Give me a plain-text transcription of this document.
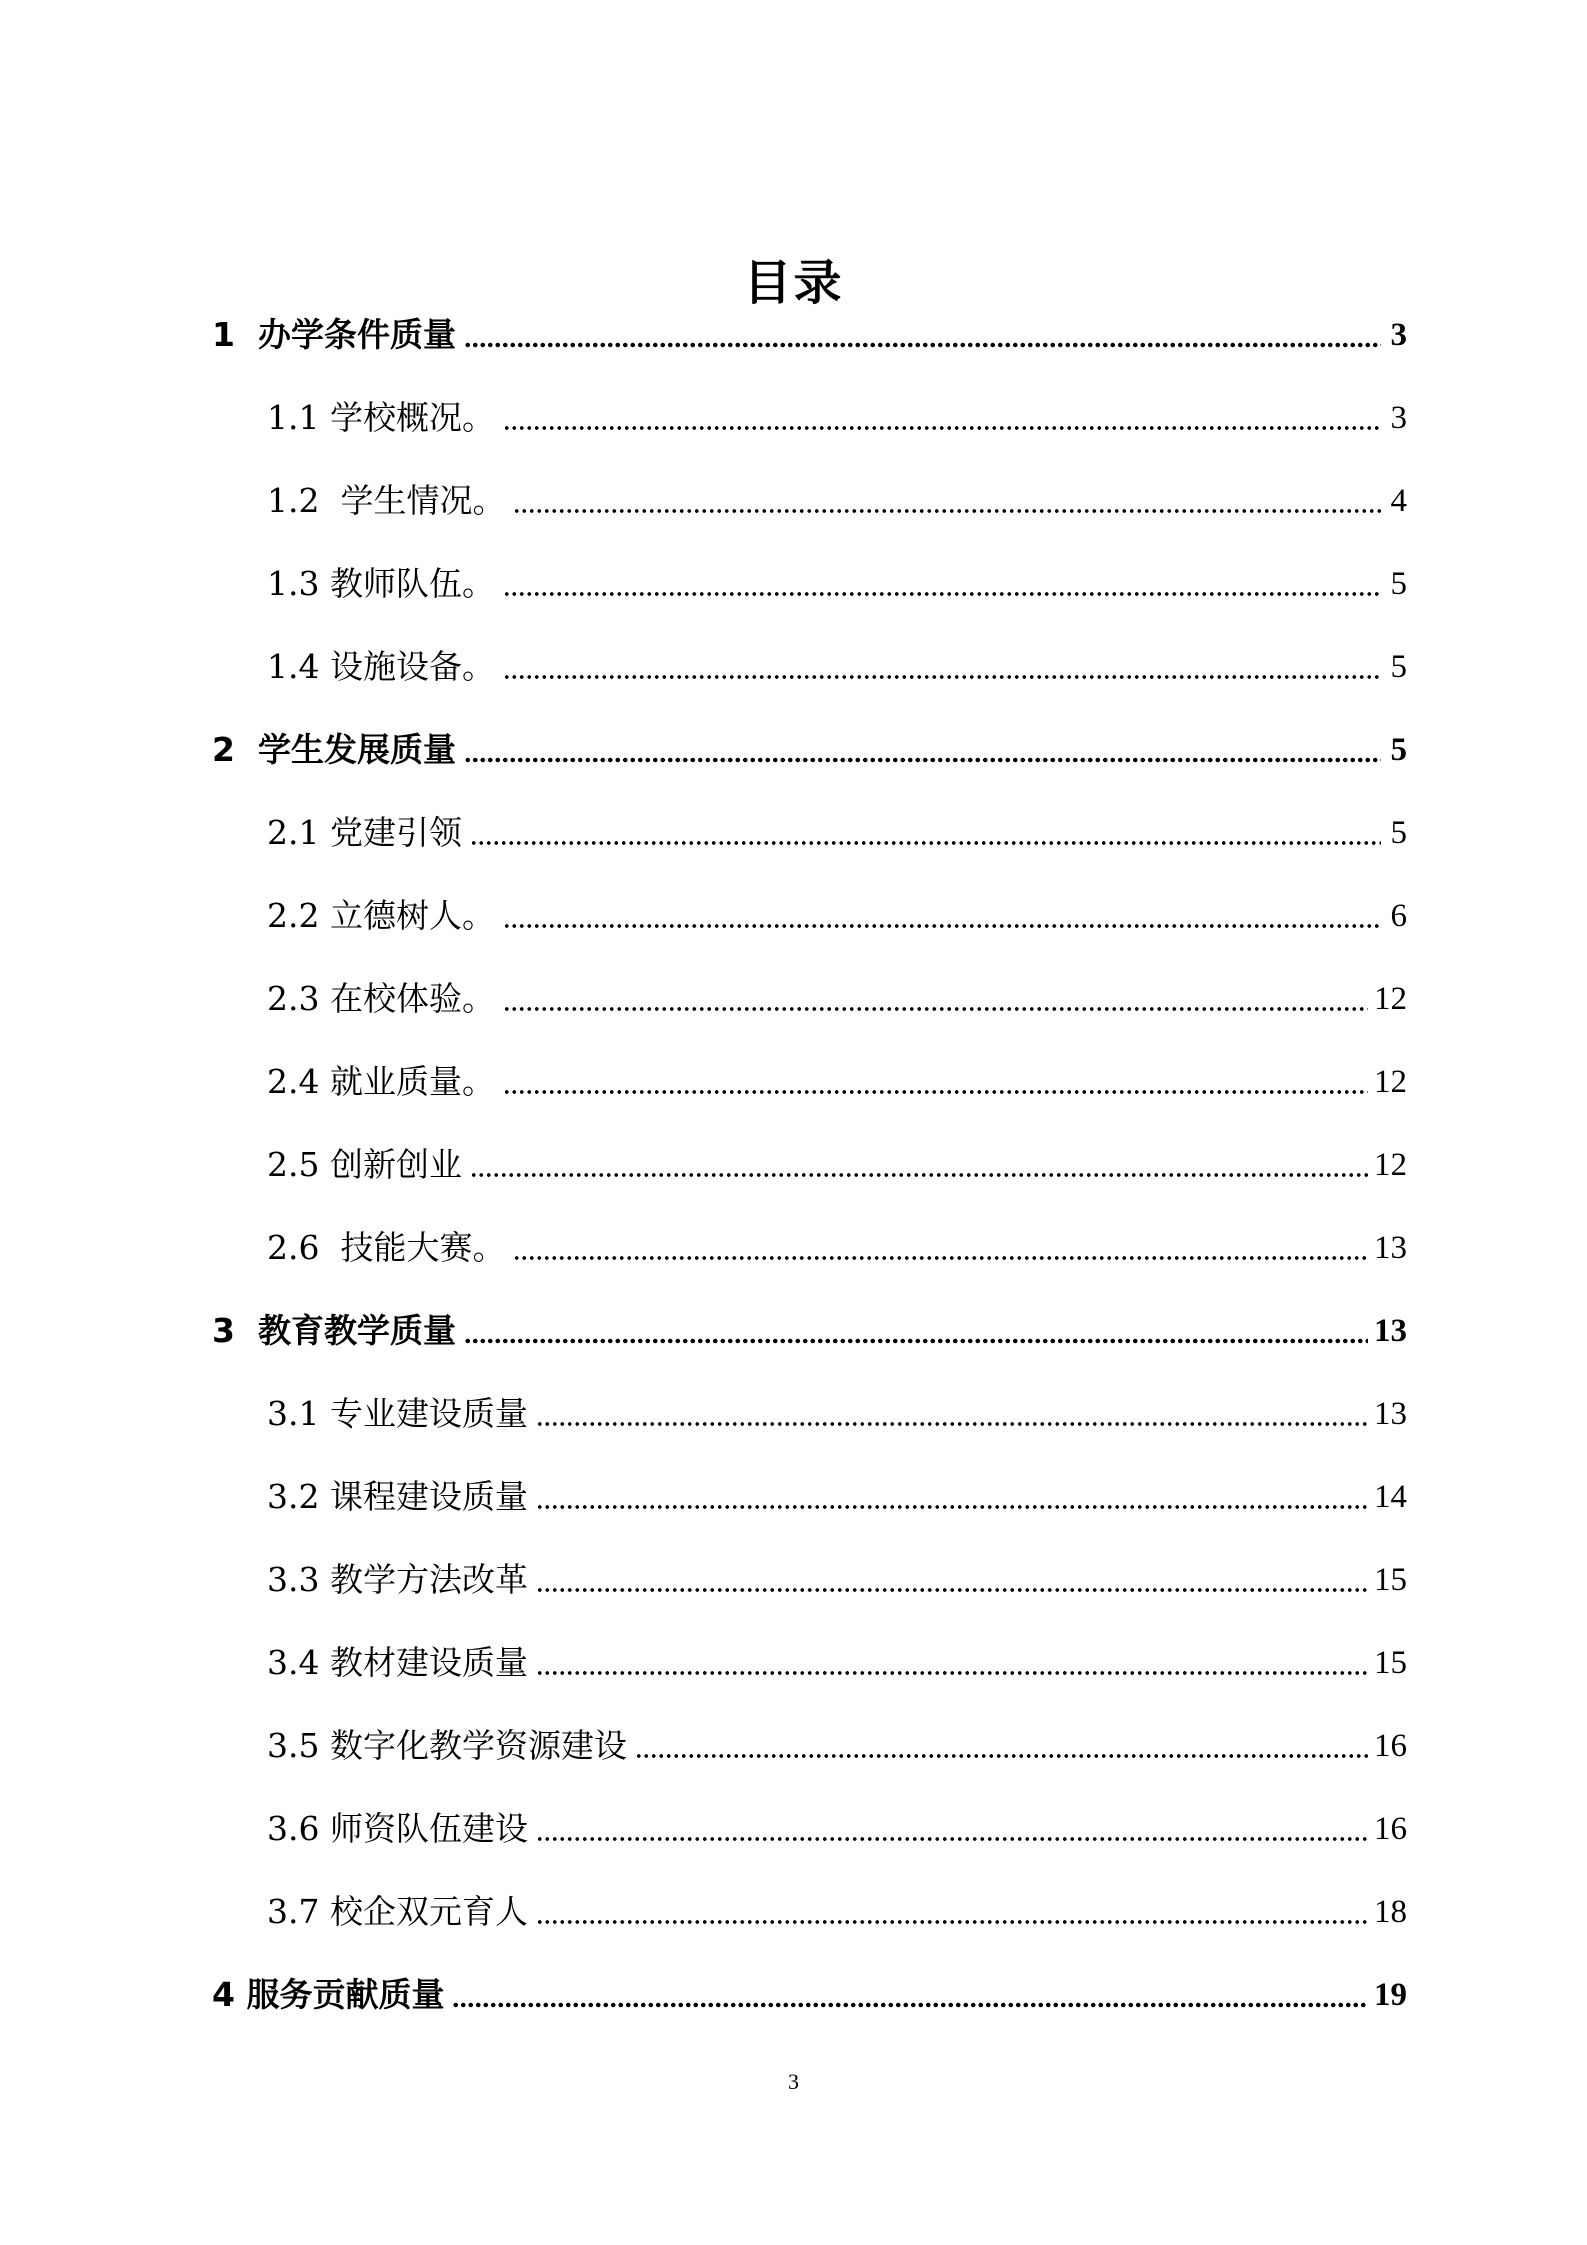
目录
1  办学条件质量	3
1.1 学校概况。	3
1.2  学生情况。	4
1.3 教师队伍。	5
1.4 设施设备。	5
2  学生发展质量	5
2.1 党建引领	5
2.2 立德树人。	6
2.3 在校体验。	12
2.4 就业质量。	12
2.5 创新创业	12
2.6  技能大赛。	13
3  教育教学质量	13
3.1 专业建设质量	13
3.2 课程建设质量	14
3.3 教学方法改革	15
3.4 教材建设质量	15
3.5 数字化教学资源建设	16
3.6 师资队伍建设	16
3.7 校企双元育人	18
4 服务贡献质量	19
3
